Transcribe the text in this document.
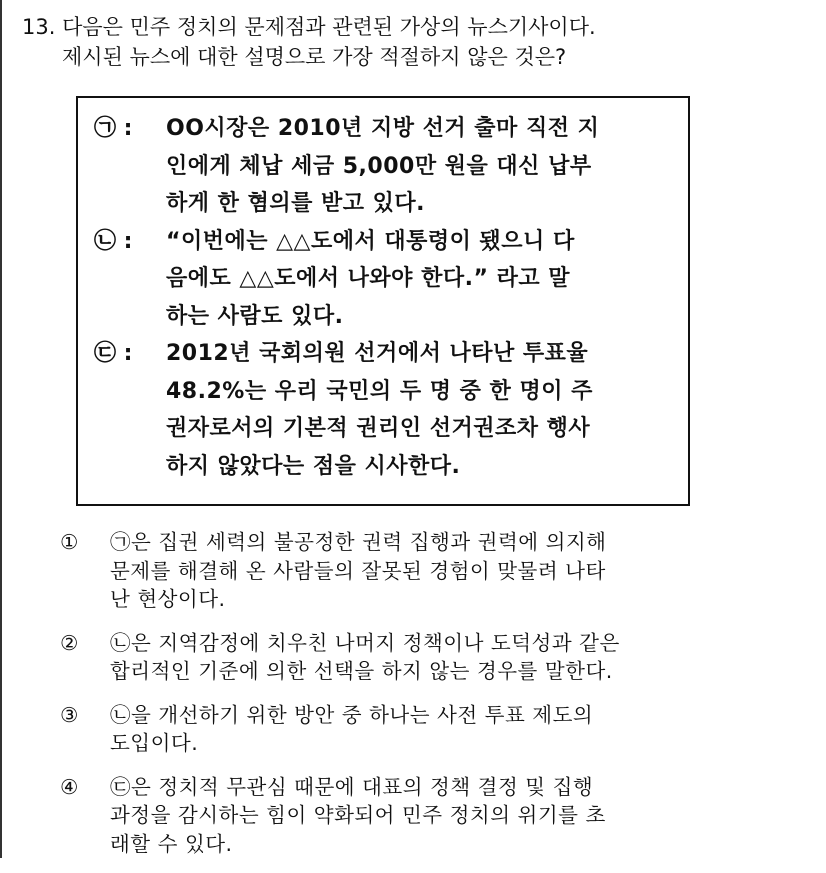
13. 다음은 민주 정치의 문제점과 관련된 가상의 뉴스기사이다.
제시된 뉴스에 대한 설명으로 가장 적절하지 않은 것은?
㉠ :	OO시장은 2010년 지방 선거 출마 직전 지
인에게 체납 세금 5,000만 원을 대신 납부
하게 한 혐의를 받고 있다.
㉡ :	“이번에는 △△도에서 대통령이 됐으니 다
음에도 △△도에서 나와야 한다.” 라고 말
하는 사람도 있다.
㉢ :	2012년 국회의원 선거에서 나타난 투표율
48.2%는 우리 국민의 두 명 중 한 명이 주
권자로서의 기본적 권리인 선거권조차 행사
하지 않았다는 점을 시사한다.
①	㉠은 집권 세력의 불공정한 권력 집행과 권력에 의지해
문제를 해결해 온 사람들의 잘못된 경험이 맞물려 나타
난 현상이다.
②	㉡은 지역감정에 치우친 나머지 정책이나 도덕성과 같은
합리적인 기준에 의한 선택을 하지 않는 경우를 말한다.
③	㉡을 개선하기 위한 방안 중 하나는 사전 투표 제도의
도입이다.
④	㉢은 정치적 무관심 때문에 대표의 정책 결정 및 집행
과정을 감시하는 힘이 약화되어 민주 정치의 위기를 초
래할 수 있다.
